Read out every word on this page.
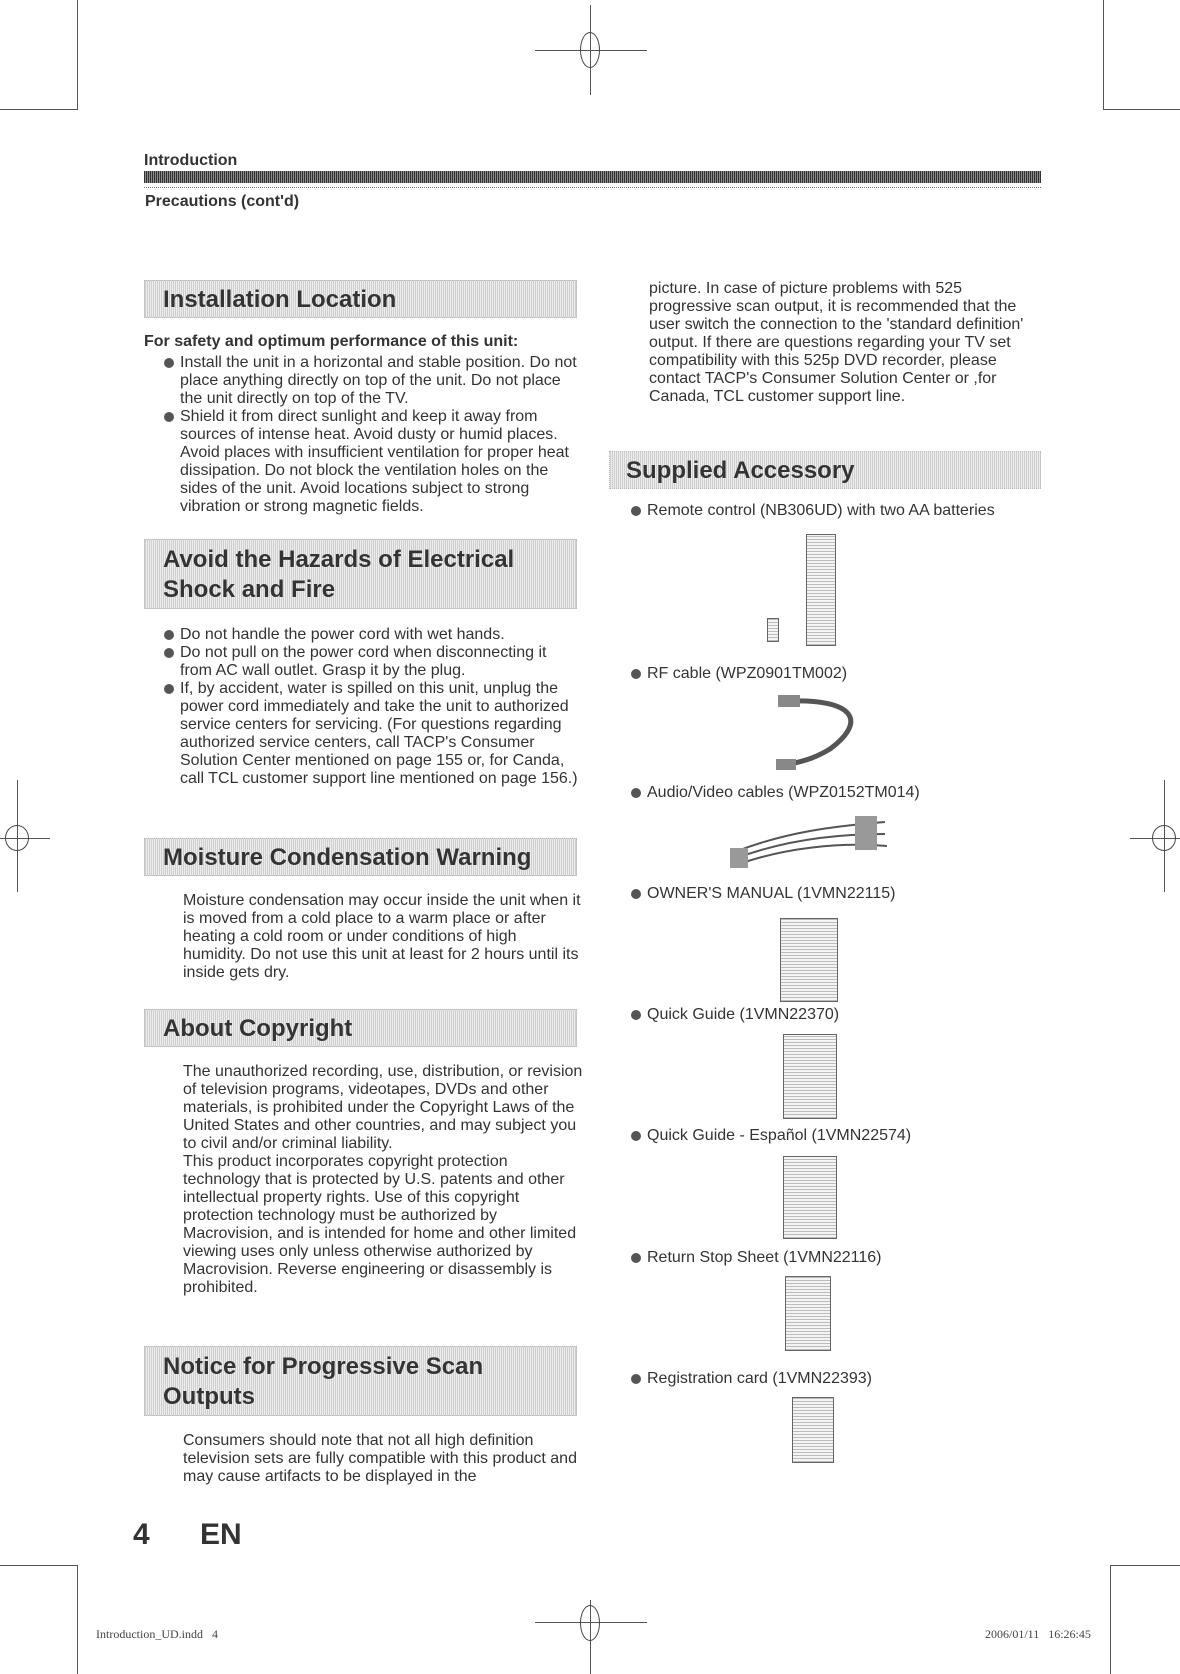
Introduction
Precautions (cont'd)
Installation Location
For safety and optimum performance of this unit:
Install the unit in a horizontal and stable position. Do not place anything directly on top of the unit. Do not place the unit directly on top of the TV.
Shield it from direct sunlight and keep it away from sources of intense heat. Avoid dusty or humid places. Avoid places with insufficient ventilation for proper heat dissipation. Do not block the ventilation holes on the sides of the unit. Avoid locations subject to strong vibration or strong magnetic fields.
Avoid the Hazards of Electrical
Shock and Fire
Do not handle the power cord with wet hands.
Do not pull on the power cord when disconnecting it from AC wall outlet. Grasp it by the plug.
If, by accident, water is spilled on this unit, unplug the power cord immediately and take the unit to authorized service centers for servicing. (For questions regarding authorized service centers, call TACP's Consumer Solution Center mentioned on page 155 or, for Canda, call TCL customer support line mentioned on page 156.)
Moisture Condensation Warning
Moisture condensation may occur inside the unit when it is moved from a cold place to a warm place or after heating a cold room or under conditions of high humidity. Do not use this unit at least for 2 hours until its inside gets dry.
About Copyright
The unauthorized recording, use, distribution, or revision of television programs, videotapes, DVDs and other materials, is prohibited under the Copyright Laws of the United States and other countries, and may subject you to civil and/or criminal liability.
This product incorporates copyright protection technology that is protected by U.S. patents and other intellectual property rights. Use of this copyright protection technology must be authorized by Macrovision, and is intended for home and other limited viewing uses only unless otherwise authorized by Macrovision. Reverse engineering or disassembly is prohibited.
Notice for Progressive Scan
Outputs
Consumers should note that not all high definition television sets are fully compatible with this product and may cause artifacts to be displayed in the
picture. In case of picture problems with 525 progressive scan output, it is recommended that the user switch the connection to the 'standard definition' output. If there are questions regarding your TV set compatibility with this 525p DVD recorder, please contact TACP's Consumer Solution Center or ,for Canada, TCL customer support line.
Supplied Accessory
Remote control (NB306UD) with two AA batteries
RF cable (WPZ0901TM002)
Audio/Video cables (WPZ0152TM014)
OWNER'S MANUAL (1VMN22115)
Quick Guide (1VMN22370)
Quick Guide - Español (1VMN22574)
Return Stop Sheet (1VMN22116)
Registration card (1VMN22393)
4 EN
Introduction_UD.indd   4	2006/01/11   16:26:45
